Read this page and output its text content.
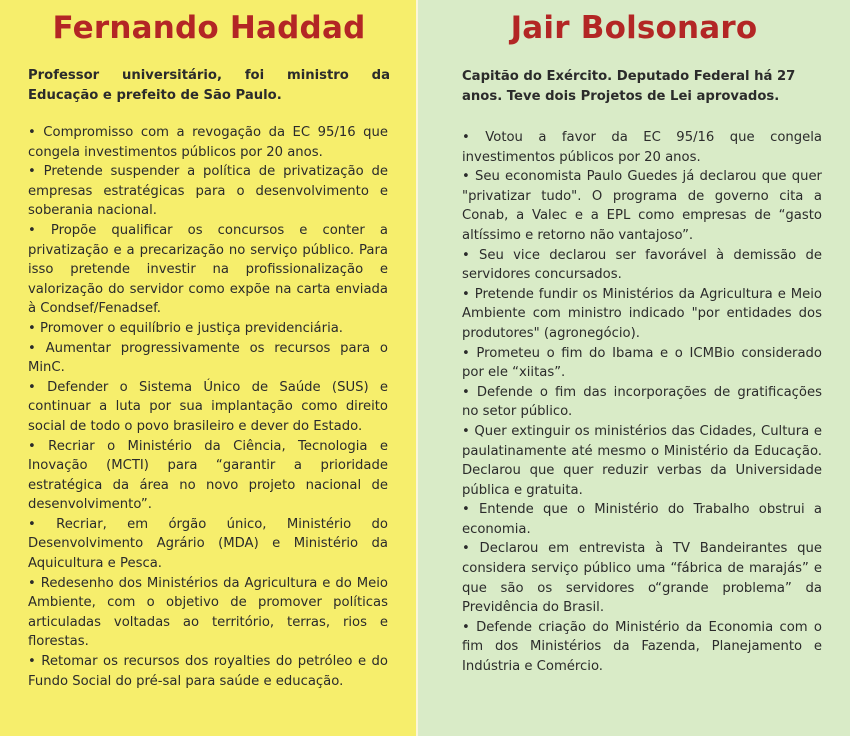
Fernando Haddad

Professor universitário, foi ministro da Educação e prefeito de São Paulo.

• Compromisso com a revogação da EC 95/16 que congela investimentos públicos por 20 anos.
• Pretende suspender a política de privatização de empresas estratégicas para o desenvolvimento e soberania nacional.
• Propõe qualificar os concursos e conter a privatização e a precarização no serviço público. Para isso pretende investir na profissionalização e valorização do servidor como expõe na carta enviada à Condsef/Fenadsef.
• Promover o equilíbrio e justiça previdenciária.
• Aumentar progressivamente os recursos para o MinC.
• Defender o Sistema Único de Saúde (SUS) e continuar a luta por sua implantação como direito social de todo o povo brasileiro e dever do Estado.
• Recriar o Ministério da Ciência, Tecnologia e Inovação (MCTI) para “garantir a prioridade estratégica da área no novo projeto nacional de desenvolvimento”.
• Recriar, em órgão único, Ministério do Desenvolvimento Agrário (MDA) e Ministério da Aquicultura e Pesca.
• Redesenho dos Ministérios da Agricultura e do Meio Ambiente, com o objetivo de promover políticas articuladas voltadas ao território, terras, rios e florestas.
• Retomar os recursos dos royalties do petróleo e do Fundo Social do pré-sal para saúde e educação.
Jair Bolsonaro

Capitão do Exército. Deputado Federal há 27 anos. Teve dois Projetos de Lei aprovados.

• Votou a favor da EC 95/16 que congela investimentos públicos por 20 anos.
• Seu economista Paulo Guedes já declarou que quer "privatizar tudo". O programa de governo cita a Conab, a Valec e a EPL como empresas de “gasto altíssimo e retorno não vantajoso”.
• Seu vice declarou ser favorável à demissão de servidores concursados.
• Pretende fundir os Ministérios da Agricultura e Meio Ambiente com ministro indicado "por entidades dos produtores" (agronegócio).
• Prometeu o fim do Ibama e o ICMBio considerado por ele “xiitas”.
• Defende o fim das incorporações de gratificações no setor público.
• Quer extinguir os ministérios das Cidades, Cultura e paulatinamente até mesmo o Ministério da Educação. Declarou que quer reduzir verbas da Universidade pública e gratuita.
• Entende que o Ministério do Trabalho obstrui a economia.
• Declarou em entrevista à TV Bandeirantes que considera serviço público uma “fábrica de marajás” e que são os servidores o“grande problema” da Previdência do Brasil.
• Defende criação do Ministério da Economia com o fim dos Ministérios da Fazenda, Planejamento e Indústria e Comércio.
